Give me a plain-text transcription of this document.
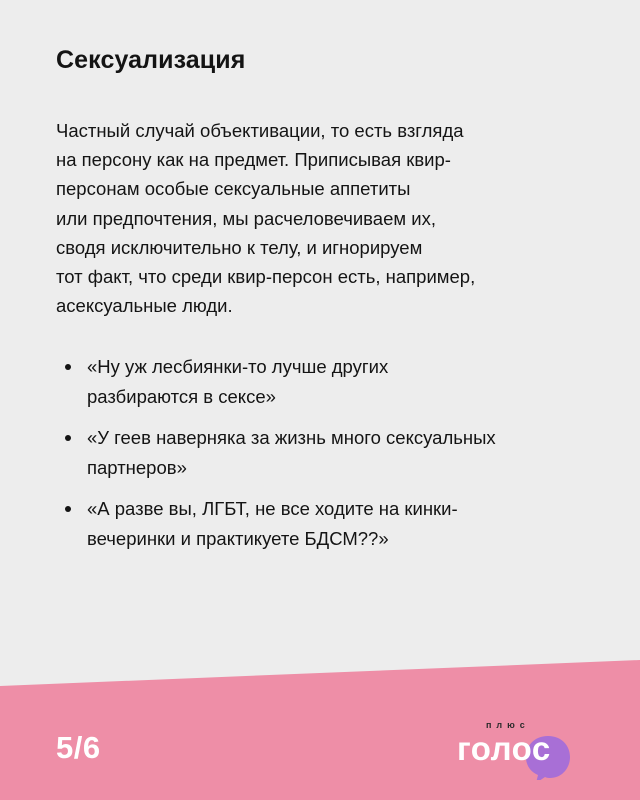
Сексуализация

Частный случай объективации, то есть взгляда
на персону как на предмет. Приписывая квир-
персонам особые сексуальные аппетиты
или предпочтения, мы расчеловечиваем их,
сводя исключительно к телу, и игнорируем
тот факт, что среди квир-персон есть, например,
асексуальные люди.

«Ну уж лесбиянки-то лучше других
разбираются в сексе»
«У геев наверняка за жизнь много сексуальных
партнеров»
«А разве вы, ЛГБТ, не все ходите на кинки-
вечеринки и практикуете БДСМ??»
5/6
плюс
голос
